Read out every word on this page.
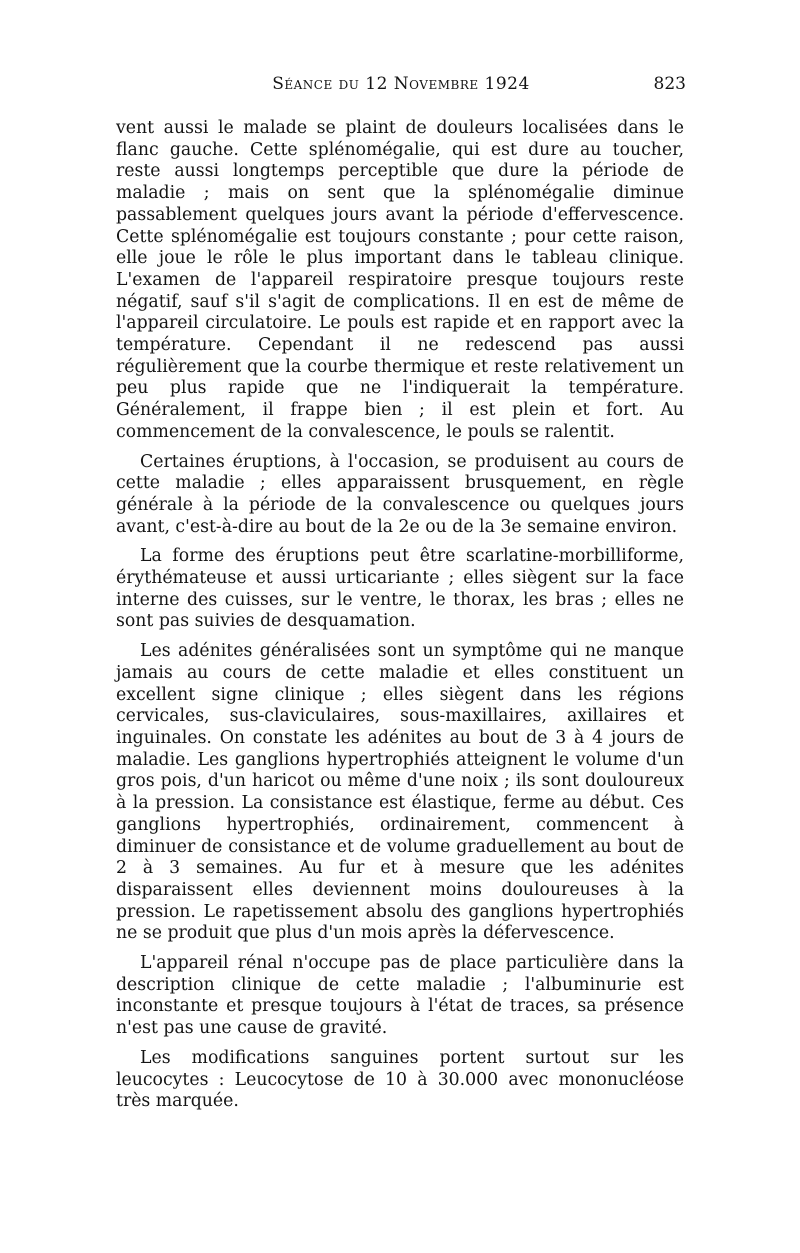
Séance du 12 Novembre 1924	823

vent aussi le malade se plaint de douleurs localisées dans le flanc gauche. Cette splénomégalie, qui est dure au toucher, reste aussi longtemps perceptible que dure la période de maladie ; mais on sent que la splénomégalie diminue passablement quelques jours avant la période d'effervescence. Cette splénomégalie est toujours constante ; pour cette raison, elle joue le rôle le plus important dans le tableau clinique. L'examen de l'appareil respiratoire presque toujours reste négatif, sauf s'il s'agit de complications. Il en est de même de l'appareil circulatoire. Le pouls est rapide et en rapport avec la température. Cependant il ne redescend pas aussi régulièrement que la courbe thermique et reste relativement un peu plus rapide que ne l'indiquerait la température. Généralement, il frappe bien ; il est plein et fort. Au commencement de la convalescence, le pouls se ralentit.

Certaines éruptions, à l'occasion, se produisent au cours de cette maladie ; elles apparaissent brusquement, en règle générale à la période de la convalescence ou quelques jours avant, c'est-à-dire au bout de la 2e ou de la 3e semaine environ.

La forme des éruptions peut être scarlatine-morbilliforme, érythémateuse et aussi urticariante ; elles siègent sur la face interne des cuisses, sur le ventre, le thorax, les bras ; elles ne sont pas suivies de desquamation.

Les adénites généralisées sont un symptôme qui ne manque jamais au cours de cette maladie et elles constituent un excellent signe clinique ; elles siègent dans les régions cervicales, sus-claviculaires, sous-maxillaires, axillaires et inguinales. On constate les adénites au bout de 3 à 4 jours de maladie. Les ganglions hypertrophiés atteignent le volume d'un gros pois, d'un haricot ou même d'une noix ; ils sont douloureux à la pression. La consistance est élastique, ferme au début. Ces ganglions hypertrophiés, ordinairement, commencent à diminuer de consistance et de volume graduellement au bout de 2 à 3 semaines. Au fur et à mesure que les adénites disparaissent elles deviennent moins douloureuses à la pression. Le rapetissement absolu des ganglions hypertrophiés ne se produit que plus d'un mois après la défervescence.

L'appareil rénal n'occupe pas de place particulière dans la description clinique de cette maladie ; l'albuminurie est inconstante et presque toujours à l'état de traces, sa présence n'est pas une cause de gravité.

Les modifications sanguines portent surtout sur les leucocytes : Leucocytose de 10 à 30.000 avec mononucléose très marquée.
